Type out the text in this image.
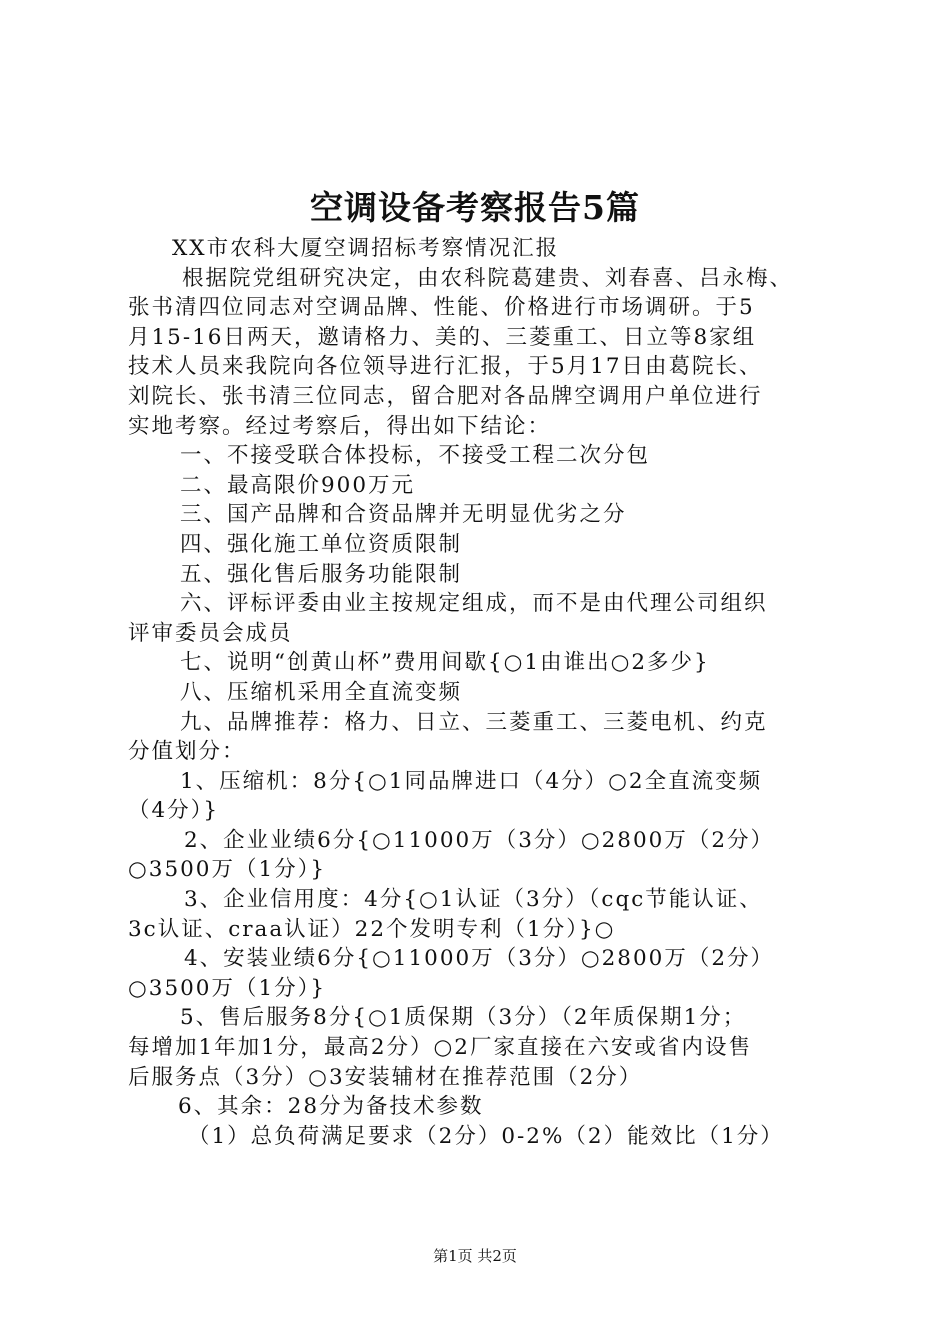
空调设备考察报告5篇

XX市农科大厦空调招标考察情况汇报

根据院党组研究决定，由农科院葛建贵、刘春喜、吕永梅、

张书清四位同志对空调品牌、性能、价格进行市场调研。于5

月15-16日两天，邀请格力、美的、三菱重工、日立等8家组

技术人员来我院向各位领导进行汇报，于5月17日由葛院长、

刘院长、张书清三位同志，留合肥对各品牌空调用户单位进行

实地考察。经过考察后，得出如下结论：

一、不接受联合体投标，不接受工程二次分包

二、最高限价900万元

三、国产品牌和合资品牌并无明显优劣之分

四、强化施工单位资质限制

五、强化售后服务功能限制

六、评标评委由业主按规定组成，而不是由代理公司组织

评审委员会成员

七、说明“创黄山杯”费用间歇{○1由谁出○2多少}

八、压缩机采用全直流变频

九、品牌推荐：格力、日立、三菱重工、三菱电机、约克

分值划分：

1、压缩机：8分{○1同品牌进口（4分）○2全直流变频

（4分）}

2、企业业绩6分{○11000万（3分）○2800万（2分）

○3500万（1分）}

3、企业信用度：4分{○1认证（3分）（cqc节能认证、

3c认证、craa认证）22个发明专利（1分）}○

4、安装业绩6分{○11000万（3分）○2800万（2分）

○3500万（1分）}

5、售后服务8分{○1质保期（3分）（2年质保期1分；

每增加1年加1分，最高2分）○2厂家直接在六安或省内设售

后服务点（3分）○3安装辅材在推荐范围（2分）

6、其余：28分为备技术参数

（1）总负荷满足要求（2分）0-2%（2）能效比（1分）

第1页 共2页
